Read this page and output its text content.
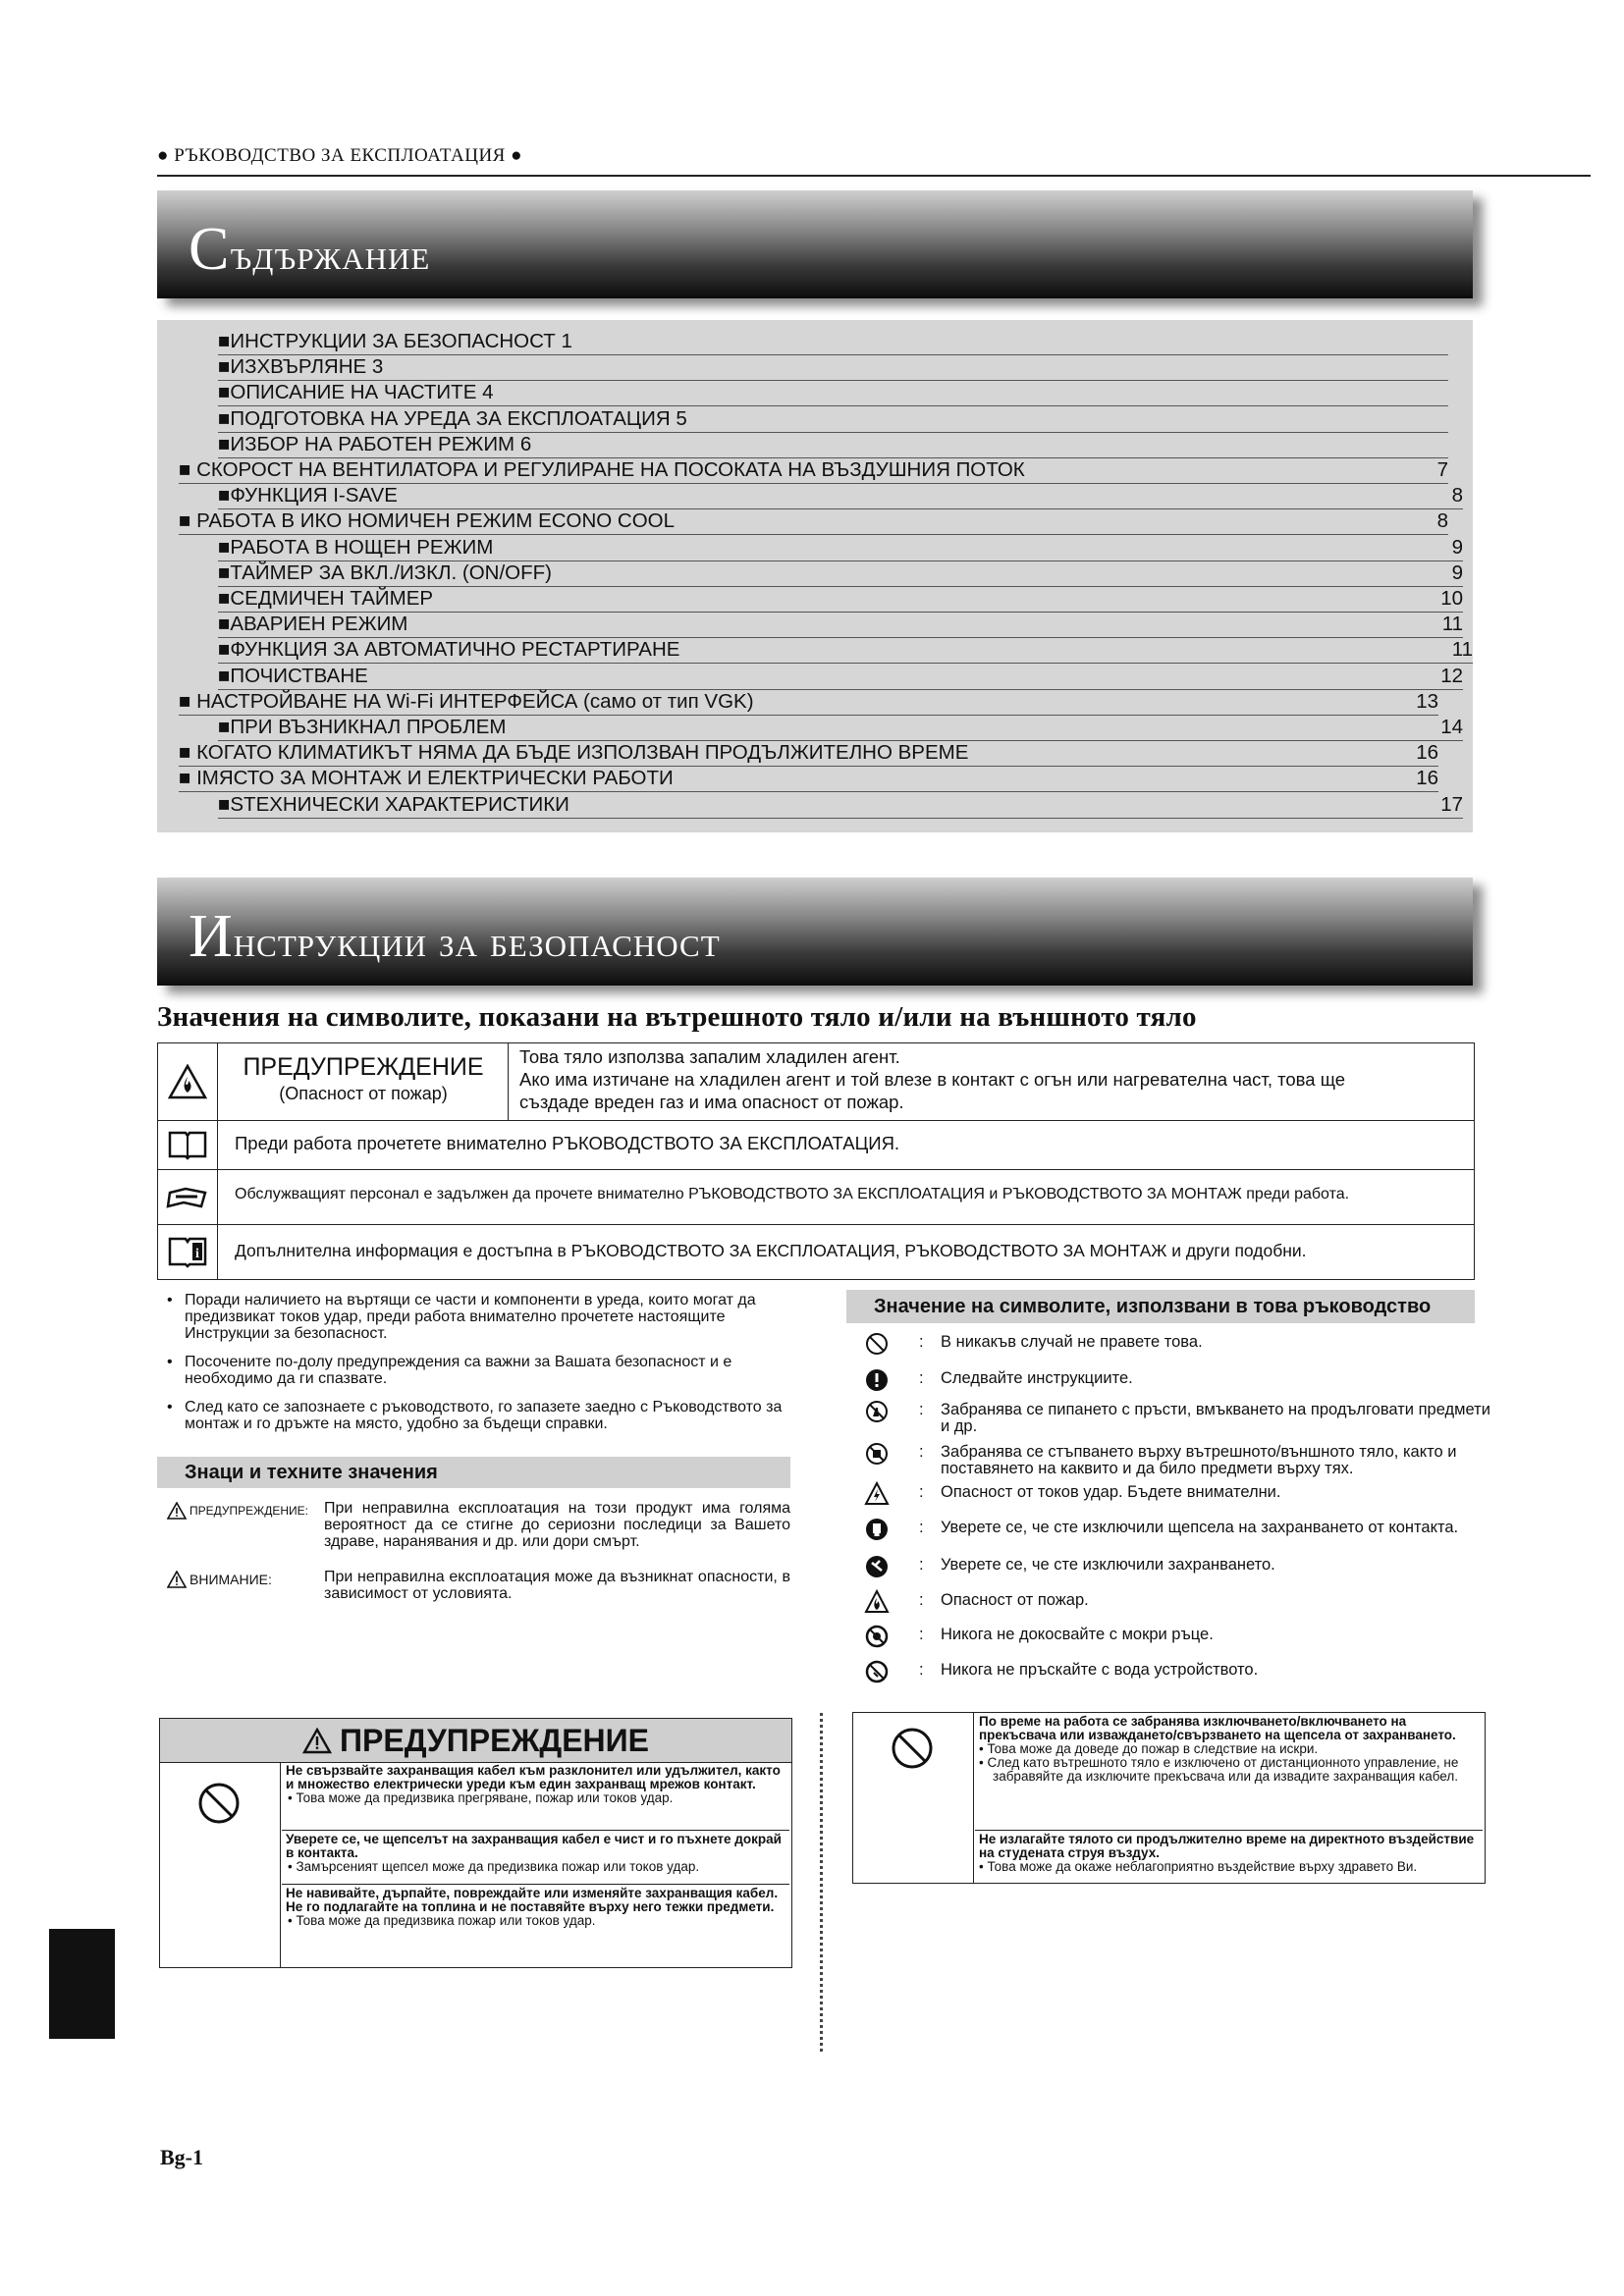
● РЪКОВОДСТВО ЗА ЕКСПЛОАТАЦИЯ ●
Съдържание
■ИНСТРУКЦИИ ЗА БЕЗОПАСНОСТ 1
■ИЗХВЪРЛЯНЕ 3
■ОПИСАНИЕ НА ЧАСТИТЕ 4
■ПОДГОТОВКА НА УРЕДА ЗА ЕКСПЛОАТАЦИЯ 5
■ИЗБОР НА РАБОТЕН РЕЖИМ 6
■ СКОРОСТ НА ВЕНТИЛАТОРА И РЕГУЛИРАНЕ НА ПОСОКАТА НА ВЪЗДУШНИЯ ПОТОК	7
■ФУНКЦИЯ I-SAVE	8
■ РАБОТА В ИКО НОМИЧЕН РЕЖИМ ECONO COOL	8
■РАБОТА В НОЩЕН РЕЖИМ	9
■ТАЙМЕР ЗА ВКЛ./ИЗКЛ. (ON/OFF)	9
■СЕДМИЧЕН ТАЙМЕР	10
■АВАРИЕН РЕЖИМ	11
■ФУНКЦИЯ ЗА АВТОМАТИЧНО РЕСТАРТИРАНЕ	11
■ПОЧИСТВАНЕ	12
■ НАСТРОЙВАНЕ НА Wi-Fi ИНТЕРФЕЙСА (само от тип VGK)	13
■ПРИ ВЪЗНИКНАЛ ПРОБЛЕМ	14
■ КОГАТО КЛИМАТИКЪТ НЯМА ДА БЪДЕ ИЗПОЛЗВАН ПРОДЪЛЖИТЕЛНО ВРЕМЕ	16
■ IМЯСТО ЗА МОНТАЖ И ЕЛЕКТРИЧЕСКИ РАБОТИ	16
■STEХНИЧЕСКИ ХАРАКТЕРИСТИКИ	17
Инструкции за безопасност
Значения на символите, показани на вътрешното тяло и/или на външното тяло
ПРЕДУПРЕЖДЕНИЕ
(Опасност от пожар)
Това тяло използва запалим хладилен агент.
Ако има изтичане на хладилен агент и той влезе в контакт с огън или нагревателна част, това ще
създаде вреден газ и има опасност от пожар.
Преди работа прочетете внимателно РЪКОВОДСТВОТО ЗА ЕКСПЛОАТАЦИЯ.
Обслужващият персонал е задължен да прочете внимателно РЪКОВОДСТВОТО ЗА ЕКСПЛОАТАЦИЯ и РЪКОВОДСТВОТО ЗА МОНТАЖ преди работа.
i Допълнителна информация е достъпна в РЪКОВОДСТВОТО ЗА ЕКСПЛОАТАЦИЯ, РЪКОВОДСТВОТО ЗА МОНТАЖ и други подобни.
• Поради наличието на въртящи се части и компоненти в уреда, които могат да предизвикат токов удар, преди работа внимателно прочетете настоящите Инструкции за безопасност.
• Посочените по-долу предупреждения са важни за Вашата безопасност и е необходимо да ги спазвате.
• След като се запознаете с ръководството, го запазете заедно с Ръководството за монтаж и го дръжте на място, удобно за бъдещи справки.
Знаци и техните значения
ПРЕДУПРЕЖДЕНИЕ: При неправилна експлоатация на този продукт има голяма вероятност да се стигне до сериозни последици за Вашето здраве, наранявания и др. или дори смърт.
ВНИМАНИЕ:	При неправилна експлоатация може да възникнат опасности, в зависимост от условията.
Значение на символите, използвани в това ръководство
: В никакъв случай не правете това.
: Следвайте инструкциите.
: Забранява се пипането с пръсти, вмъкването на продълговати предмети и др.
: Забранява се стъпването върху вътрешното/външното тяло, както и поставянето на каквито и да било предмети върху тях.
: Опасност от токов удар. Бъдете внимателни.
: Уверете се, че сте изключили щепсела на захранването от контакта.
: Уверете се, че сте изключили захранването.
: Опасност от пожар.
: Никога не докосвайте с мокри ръце.
: Никога не пръскайте с вода устройството.
ПРЕДУПРЕЖДЕНИЕ
Не свързвайте захранващия кабел към разклонител или удължител, както и множество електрически уреди към един захранващ мрежов контакт.
• Това може да предизвика прегряване, пожар или токов удар.
Уверете се, че щепселът на захранващия кабел е чист и го пъхнете докрай в контакта.
• Замърсеният щепсел може да предизвика пожар или токов удар.
Не навивайте, дърпайте, повреждайте или изменяйте захранващия кабел. Не го подлагайте на топлина и не поставяйте върху него тежки предмети.
• Това може да предизвика пожар или токов удар.
По време на работа се забранява изключването/включването на прекъсвача или изваждането/свързването на щепсела от захранването.
• Това може да доведе до пожар в следствие на искри.
• След като вътрешното тяло е изключено от дистанционното управление, не забравяйте да изключите прекъсвача или да извадите захранващия кабел.
Не излагайте тялото си продължително време на директното въздействие на студената струя въздух.
• Това може да окаже неблагоприятно въздействие върху здравето Ви.
Bg-1
